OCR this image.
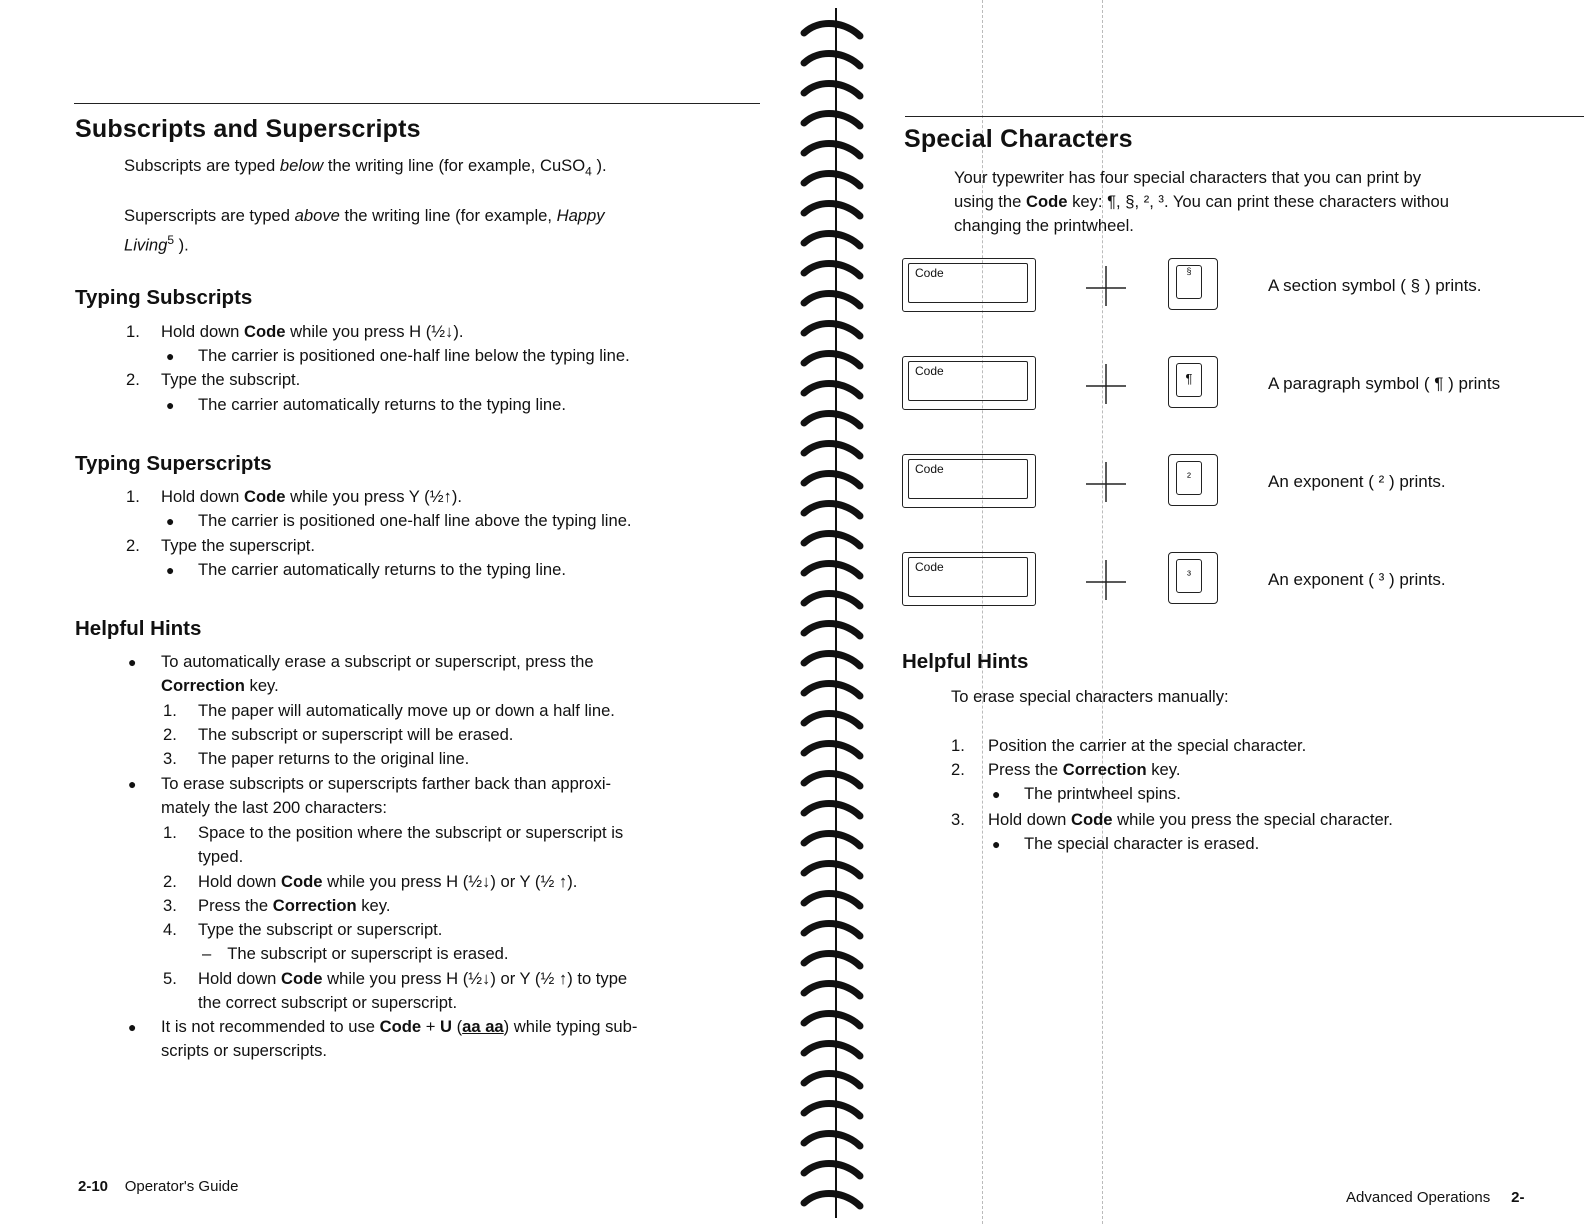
Subscripts and Superscripts
Subscripts are typed below the writing line (for example, CuSO$_4$ ).
Superscripts are typed above the writing line (for example, Happy
Living$^5$ ).
Typing Subscripts
1. Hold down Code while you press H (½↓).
● The carrier is positioned one-half line below the typing line.
2. Type the subscript.
● The carrier automatically returns to the typing line.
Typing Superscripts
1. Hold down Code while you press Y (½↑).
● The carrier is positioned one-half line above the typing line.
2. Type the superscript.
● The carrier automatically returns to the typing line.
Helpful Hints
● To automatically erase a subscript or superscript, press the
Correction key.
1. The paper will automatically move up or down a half line.
2. The subscript or superscript will be erased.
3. The paper returns to the original line.
● To erase subscripts or superscripts farther back than approxi-
mately the last 200 characters:
1. Space to the position where the subscript or superscript is
typed.
2. Hold down Code while you press H (½↓) or Y (½ ↑).
3. Press the Correction key.
4. Type the subscript or superscript.
– The subscript or superscript is erased.
5. Hold down Code while you press H (½↓) or Y (½ ↑) to type
the correct subscript or superscript.
● It is not recommended to use Code + U (aa aa) while typing sub-
scripts or superscripts.
2-10 Operator's Guide
Special Characters
Your typewriter has four special characters that you can print by
using the Code key: ¶, §, ², ³. You can print these characters withou
changing the printwheel.
Code	§
A section symbol ( § ) prints.
Code	¶	A paragraph symbol ( ¶ ) prints
Code
²	An exponent ( ² ) prints.
Code
³	An exponent ( ³ ) prints.
Helpful Hints
To erase special characters manually:
1. Position the carrier at the special character.
2. Press the Correction key.
● The printwheel spins.
3. Hold down Code while you press the special character.
● The special character is erased.
Advanced Operations 2-
